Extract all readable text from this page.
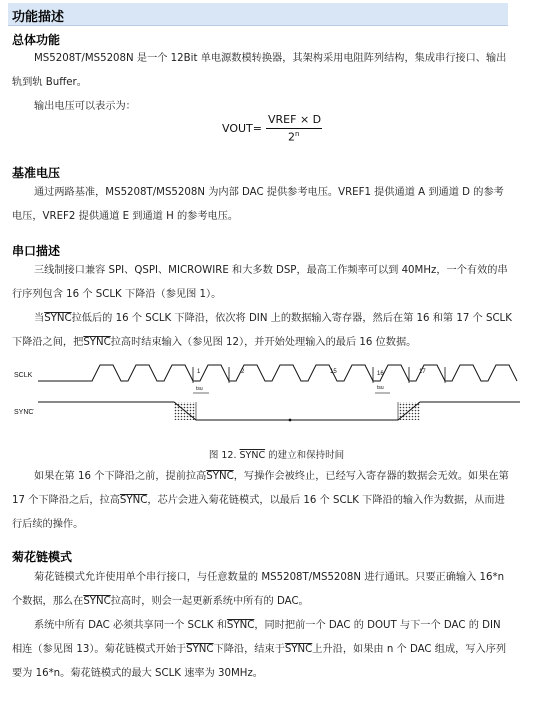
功能描述
总体功能
MS5208T/MS5208N 是一个 12Bit 单电源数模转换器，其架构采用电阻阵列结构，集成串行接口、输出轨到轨 Buffer。
输出电压可以表示为：
VOUT=
VREF × D
2$^n$
基准电压
通过两路基准，MS5208T/MS5208N 为内部 DAC 提供参考电压。VREF1 提供通道 A 到通道 D 的参考电压，VREF2 提供通道 E 到通道 H 的参考电压。
串口描述
三线制接口兼容 SPI、QSPI、MICROWIRE 和大多数 DSP，最高工作频率可以到 40MHz，一个有效的串行序列包含 16 个 SCLK 下降沿（参见图 1）。
当SYNC拉低后的 16 个 SCLK 下降沿，依次将 DIN 上的数据输入寄存器，然后在第 16 和第 17 个 SCLK 下降沿之间，把SYNC拉高时结束输入（参见图 12），并开始处理输入的最后 16 位数据。
SCLK
SYNC
1	2	15	16	17
tsu	tsu
图 12. SYNC 的建立和保持时间
如果在第 16 个下降沿之前，提前拉高SYNC，写操作会被终止，已经写入寄存器的数据会无效。如果在第 17 个下降沿之后，拉高SYNC，芯片会进入菊花链模式，以最后 16 个 SCLK 下降沿的输入作为数据，从而进行后续的操作。
菊花链模式
菊花链模式允许使用单个串行接口，与任意数量的 MS5208T/MS5208N 进行通讯。只要正确输入 16*n 个数据，那么在SYNC拉高时，则会一起更新系统中所有的 DAC。
系统中所有 DAC 必须共享同一个 SCLK 和SYNC，同时把前一个 DAC 的 DOUT 与下一个 DAC 的 DIN 相连（参见图 13）。菊花链模式开始于SYNC下降沿，结束于SYNC上升沿，如果由 n 个 DAC 组成，写入序列要为 16*n。菊花链模式的最大 SCLK 速率为 30MHz。
